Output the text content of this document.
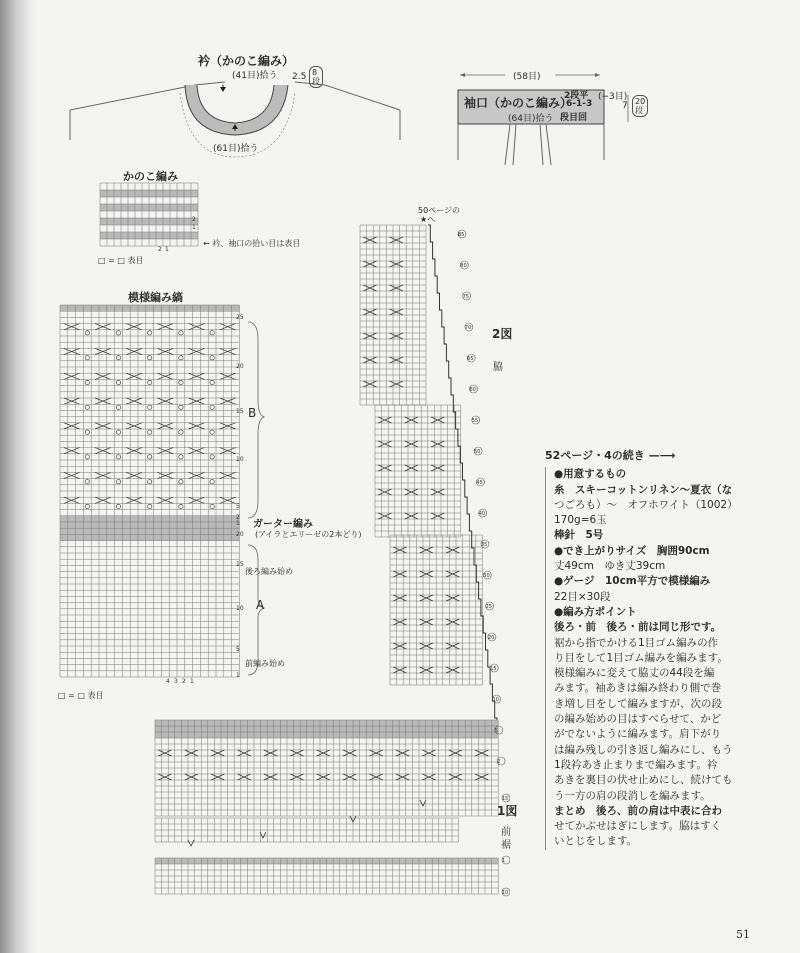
衿（かのこ編み）
(41目)拾う 2.5 8
段
(61目)拾う
(58目)
袖口（かのこ編み）
(64目)拾う
2段平
6-1-3
段目回
(−3目)
7 20
段
かのこ編み
2
1
2 1
← 衿、袖口の拾い目は表目
□ = □ 表目
模様編み縞
25
20
15
10
5
2
1
20
15
10
5
1
4 3 2 1
B
A
ガーター編み
(アイラとエリーゼの2本どり)
後ろ編み始め
前編み始め
□ = □ 表目
85
80
75
70
65
60
55
50
45
40
35
30
25
20
15
10
5
2
15
1
10
50ページの
★へ
2図
脇
1図
前
裾
52ページ・4の続き —⟶
●用意するもの
糸　スキーコットンリネン〜夏衣（な
つごろも）〜　オフホワイト（1002）
170g=6玉
棒針　5号
●でき上がりサイズ　胸囲90cm
丈49cm　ゆき丈39cm
●ゲージ　10cm平方で模様編み
22目×30段
●編み方ポイント
後ろ・前　後ろ・前は同じ形です。
裾から指でかける1目ゴム編みの作
り目をして1目ゴム編みを編みます。
模様編みに変えて脇丈の44段を編
みます。袖あきは編み終わり側で巻
き増し目をして編みますが、次の段
の編み始めの目はすべらせて、かど
がでないように編みます。肩下がり
は編み残しの引き返し編みにし、もう
1段衿あき止まりまで編みます。衿
あきを裏目の伏せ止めにし、続けても
う一方の肩の段消しを編みます。
まとめ　後ろ、前の肩は中表に合わ
せてかぶせはぎにします。脇はすく
いとじをします。
51
